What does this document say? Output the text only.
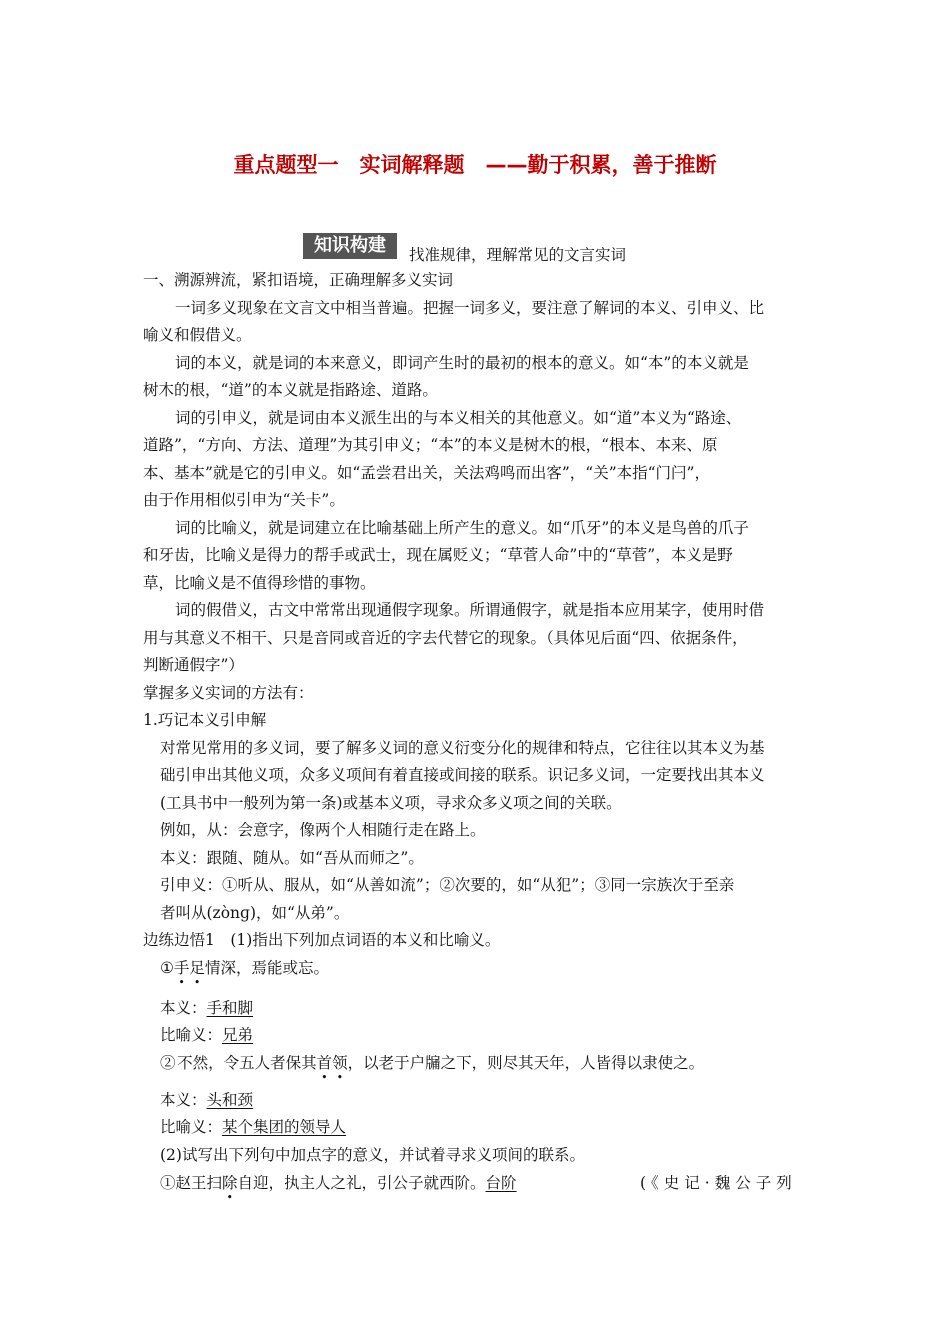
重点题型一　实词解释题　——勤于积累，善于推断
知识构建	找准规律，理解常见的文言实词
一、溯源辨流，紧扣语境，正确理解多义实词
一词多义现象在文言文中相当普遍。把握一词多义，要注意了解词的本义、引申义、比
喻义和假借义。
词的本义，就是词的本来意义，即词产生时的最初的根本的意义。如“本”的本义就是
树木的根，“道”的本义就是指路途、道路。
词的引申义，就是词由本义派生出的与本义相关的其他意义。如“道”本义为“路途、
道路”，“方向、方法、道理”为其引申义；“本”的本义是树木的根，“根本、本来、原
本、基本”就是它的引申义。如“孟尝君出关，关法鸡鸣而出客”，“关”本指“门闩”，
由于作用相似引申为“关卡”。
词的比喻义，就是词建立在比喻基础上所产生的意义。如“爪牙”的本义是鸟兽的爪子
和牙齿，比喻义是得力的帮手或武士，现在属贬义；“草菅人命”中的“草菅”，本义是野
草，比喻义是不值得珍惜的事物。
词的假借义，古文中常常出现通假字现象。所谓通假字，就是指本应用某字，使用时借
用与其意义不相干、只是音同或音近的字去代替它的现象。（具体见后面“四、依据条件，
判断通假字”）
掌握多义实词的方法有：
1.巧记本义引申解
对常见常用的多义词，要了解多义词的意义衍变分化的规律和特点，它往往以其本义为基
础引申出其他义项，众多义项间有着直接或间接的联系。识记多义词，一定要找出其本义
(工具书中一般列为第一条)或基本义项，寻求众多义项之间的关联。
例如，从：会意字，像两个人相随行走在路上。
本义：跟随、随从。如“吾从而师之”。
引申义：①听从、服从，如“从善如流”；②次要的，如“从犯”；③同一宗族次于至亲
者叫从(zònɡ)，如“从弟”。
边练边悟1　(1)指出下列加点词语的本义和比喻义。
①手足情深，焉能或忘。
本义：手和脚
比喻义：兄弟
② 不然，令五人者保其首领，以老于户牖之下，则尽其天年，人皆得以隶使之。
本义：头和颈
比喻义：某个集团的领导人
(2)试写出下列句中加点字的意义，并试着寻求义项间的联系。
①赵王扫除自迎，执主人之礼，引公子就西阶。台阶	(《史记·魏公子列
